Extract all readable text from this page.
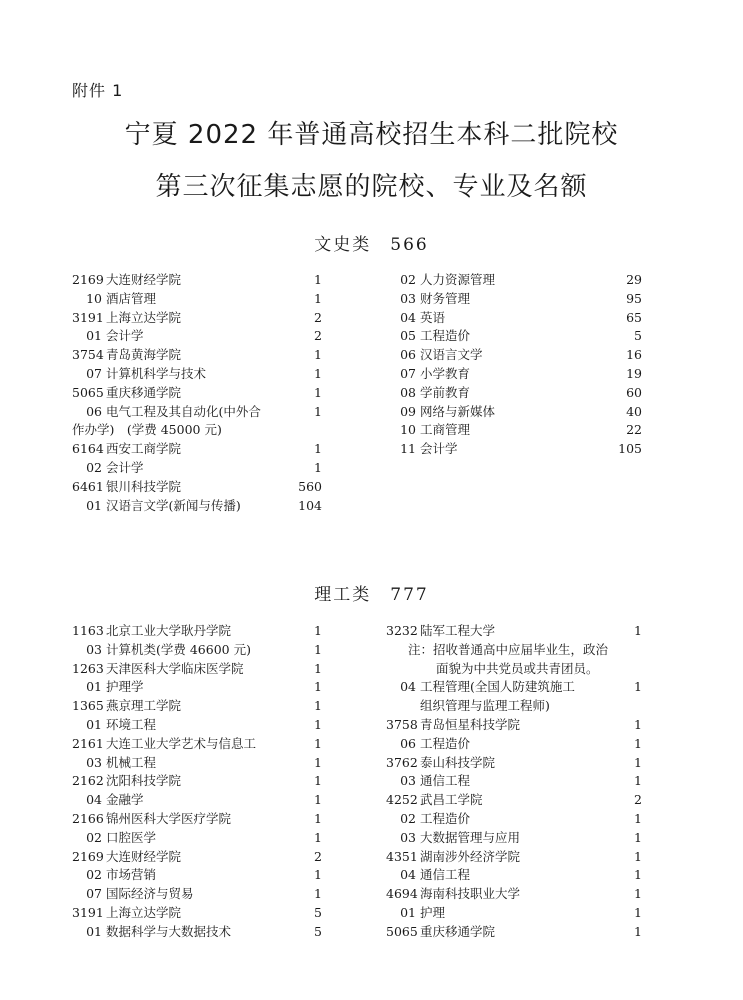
附件 1
宁夏 2022 年普通高校招生本科二批院校
第三次征集志愿的院校、专业及名额
文史类　566
2169 大连财经学院	1
10 酒店管理	1
3191 上海立达学院	2
01 会计学	2
3754 青岛黄海学院	1
07 计算机科学与技术	1
5065 重庆移通学院	1
06 电气工程及其自动化(中外合	1
作办学)　(学费 45000 元)
6164 西安工商学院	1
02 会计学	1
6461 银川科技学院	560
01 汉语言文学(新闻与传播)	104
02 人力资源管理	29
03 财务管理	95
04 英语	65
05 工程造价	5
06 汉语言文学	16
07 小学教育	19
08 学前教育	60
09 网络与新媒体	40
10 工商管理	22
11 会计学	105
理工类　777
1163 北京工业大学耿丹学院	1
03 计算机类(学费 46600 元)	1
1263 天津医科大学临床医学院	1
01 护理学	1
1365 燕京理工学院	1
01 环境工程	1
2161 大连工业大学艺术与信息工	1
03 机械工程	1
2162 沈阳科技学院	1
04 金融学	1
2166 锦州医科大学医疗学院	1
02 口腔医学	1
2169 大连财经学院	2
02 市场营销	1
07 国际经济与贸易	1
3191 上海立达学院	5
01 数据科学与大数据技术	5
3232 陆军工程大学	1
注：招收普通高中应届毕业生，政治
面貌为中共党员或共青团员。
04 工程管理(全国人防建筑施工	1
组织管理与监理工程师)
3758 青岛恒星科技学院	1
06 工程造价	1
3762 泰山科技学院	1
03 通信工程	1
4252 武昌工学院	2
02 工程造价	1
03 大数据管理与应用	1
4351 湖南涉外经济学院	1
04 通信工程	1
4694 海南科技职业大学	1
01 护理	1
5065 重庆移通学院	1
